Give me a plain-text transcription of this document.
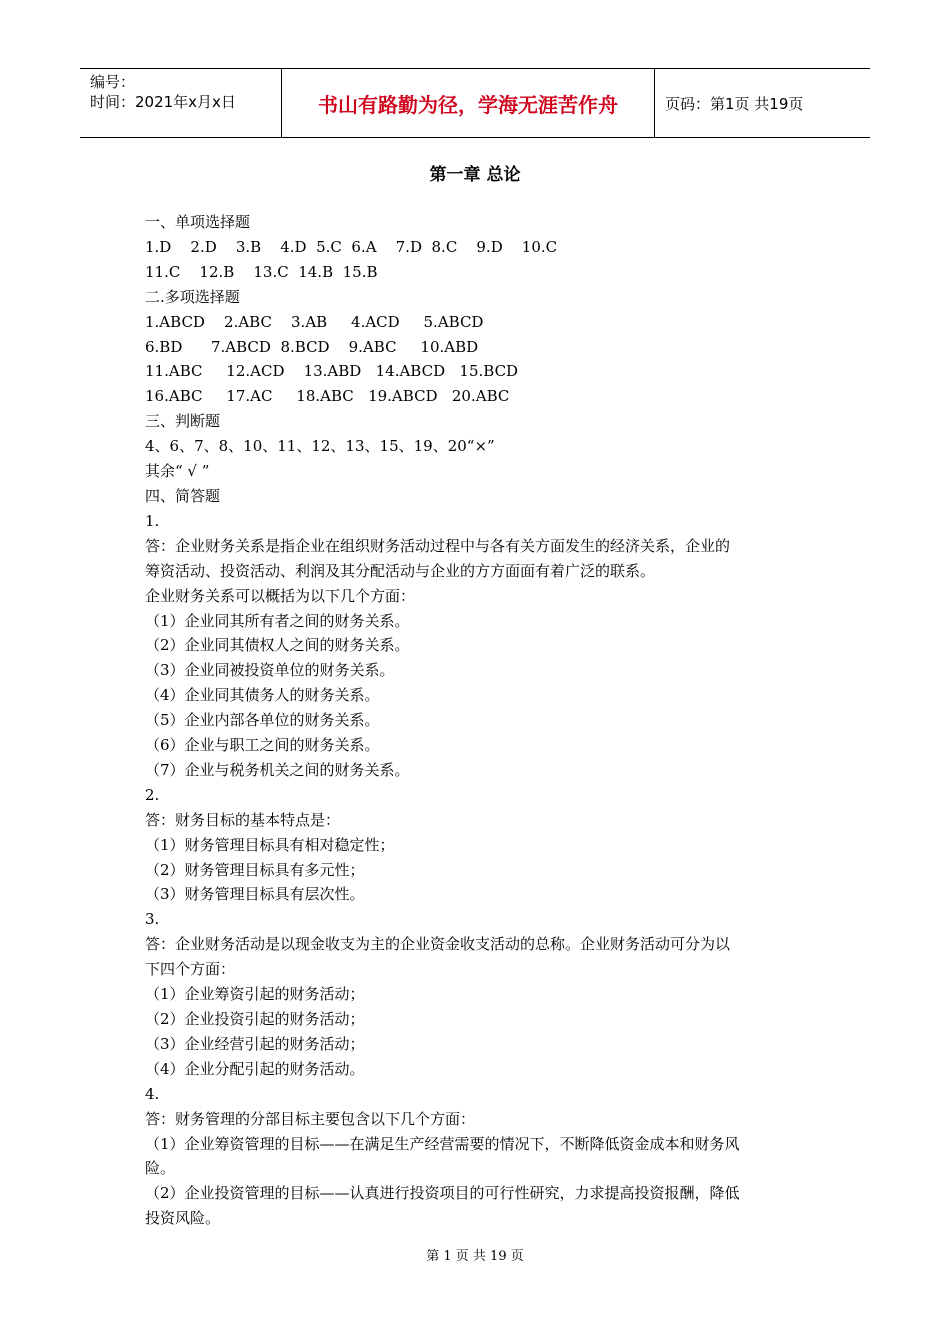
编号：
时间：2021年x月x日	书山有路勤为径，学海无涯苦作舟	页码：第1页 共19页
第一章 总论

一、单项选择题

1.D    2.D    3.B    4.D  5.C  6.A    7.D  8.C    9.D    10.C

11.C    12.B    13.C  14.B  15.B

二.多项选择题

1.ABCD    2.ABC    3.AB     4.ACD     5.ABCD

6.BD      7.ABCD  8.BCD    9.ABC     10.ABD

11.ABC     12.ACD    13.ABD   14.ABCD   15.BCD

16.ABC     17.AC     18.ABC   19.ABCD   20.ABC

三、判断题

4、6、7、8、10、11、12、13、15、19、20“×”

其余“ √ ”

四、简答题

1.

答：企业财务关系是指企业在组织财务活动过程中与各有关方面发生的经济关系，企业的

筹资活动、投资活动、利润及其分配活动与企业的方方面面有着广泛的联系。

企业财务关系可以概括为以下几个方面：

（1）企业同其所有者之间的财务关系。

（2）企业同其债权人之间的财务关系。

（3）企业同被投资单位的财务关系。

（4）企业同其债务人的财务关系。

（5）企业内部各单位的财务关系。

（6）企业与职工之间的财务关系。

（7）企业与税务机关之间的财务关系。

2.

答：财务目标的基本特点是：

（1）财务管理目标具有相对稳定性；

（2）财务管理目标具有多元性；

（3）财务管理目标具有层次性。

3.

答：企业财务活动是以现金收支为主的企业资金收支活动的总称。企业财务活动可分为以

下四个方面：

（1）企业筹资引起的财务活动；

（2）企业投资引起的财务活动；

（3）企业经营引起的财务活动；

（4）企业分配引起的财务活动。

4.

答：财务管理的分部目标主要包含以下几个方面：

（1）企业筹资管理的目标——在满足生产经营需要的情况下，不断降低资金成本和财务风

险。

（2）企业投资管理的目标——认真进行投资项目的可行性研究，力求提高投资报酬，降低

投资风险。

第 1 页 共 19 页
